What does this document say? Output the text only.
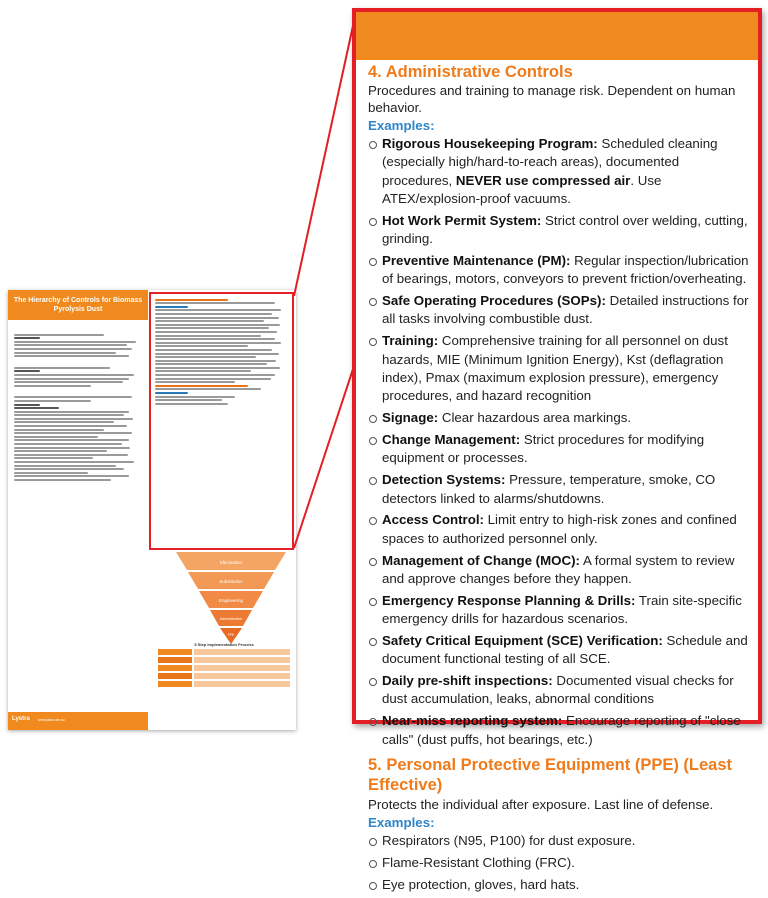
The Hierarchy of Controls for Biomass Pyrolysis Dust

Elimination
Substitution
Engineering
Administrative
PPE
5 Step Implementation Process
Lystra	www.lystra.com.au
4. Administrative Controls
Procedures and training to manage risk. Dependent on human behavior.
Examples:
Rigorous Housekeeping Program: Scheduled cleaning (especially high/hard-to-reach areas), documented procedures, NEVER use compressed air. Use ATEX/explosion-proof vacuums.
Hot Work Permit System: Strict control over welding, cutting, grinding.
Preventive Maintenance (PM): Regular inspection/lubrication of bearings, motors, conveyors to prevent friction/overheating.
Safe Operating Procedures (SOPs): Detailed instructions for all tasks involving combustible dust.
Training: Comprehensive training for all personnel on dust hazards, MIE (Minimum Ignition Energy), Kst (deflagration index), Pmax (maximum explosion pressure), emergency procedures, and hazard recognition
Signage: Clear hazardous area markings.
Change Management: Strict procedures for modifying equipment or processes.
Detection Systems: Pressure, temperature, smoke, CO detectors linked to alarms/shutdowns.
Access Control: Limit entry to high-risk zones and confined spaces to authorized personnel only.
Management of Change (MOC): A formal system to review and approve changes before they happen.
Emergency Response Planning & Drills: Train site-specific emergency drills for hazardous scenarios.
Safety Critical Equipment (SCE) Verification: Schedule and document functional testing of all SCE.
Daily pre-shift inspections: Documented visual checks for dust accumulation, leaks, abnormal conditions
Near-miss reporting system: Encourage reporting of "close calls" (dust puffs, hot bearings, etc.)
5. Personal Protective Equipment (PPE) (Least Effective)
Protects the individual after exposure. Last line of defense.
Examples:
Respirators (N95, P100) for dust exposure.
Flame-Resistant Clothing (FRC).
Eye protection, gloves, hard hats.
